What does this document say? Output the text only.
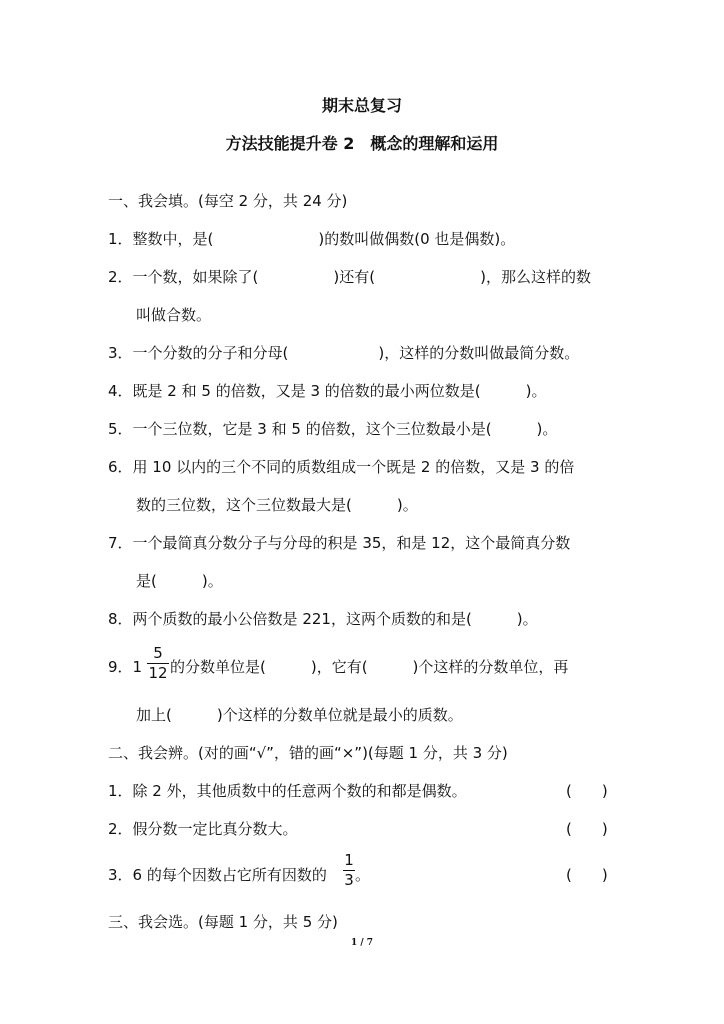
期末总复习
方法技能提升卷 2　概念的理解和运用
一、我会填。(每空 2 分，共 24 分)
1．整数中，是(　　　　　　　)的数叫做偶数(0 也是偶数)。
2．一个数，如果除了(　　　　　)还有(　　　　　　　)，那么这样的数
叫做合数。
3．一个分数的分子和分母(　　　　　　)，这样的分数叫做最简分数。
4．既是 2 和 5 的倍数，又是 3 的倍数的最小两位数是(　　　)。
5．一个三位数，它是 3 和 5 的倍数，这个三位数最小是(　　　)。
6．用 10 以内的三个不同的质数组成一个既是 2 的倍数，又是 3 的倍
数的三位数，这个三位数最大是(　　　)。
7．一个最简真分数分子与分母的积是 35，和是 12，这个最简真分数
是(　　　)。
8．两个质数的最小公倍数是 221，这两个质数的和是(　　　)。
9．1
5
12 的分数单位是(　　　)，它有(　　　)个这样的分数单位，再
加上(　　　)个这样的分数单位就是最小的质数。
二、我会辨。(对的画“√”，错的画“×”)(每题 1 分，共 3 分)
1．除 2 外，其他质数中的任意两个数的和都是偶数。	(　　)
2．假分数一定比真分数大。	(　　)
3．6 的每个因数占它所有因数的
1
3 。	(　　)
三、我会选。(每题 1 分，共 5 分)
1 / 7
